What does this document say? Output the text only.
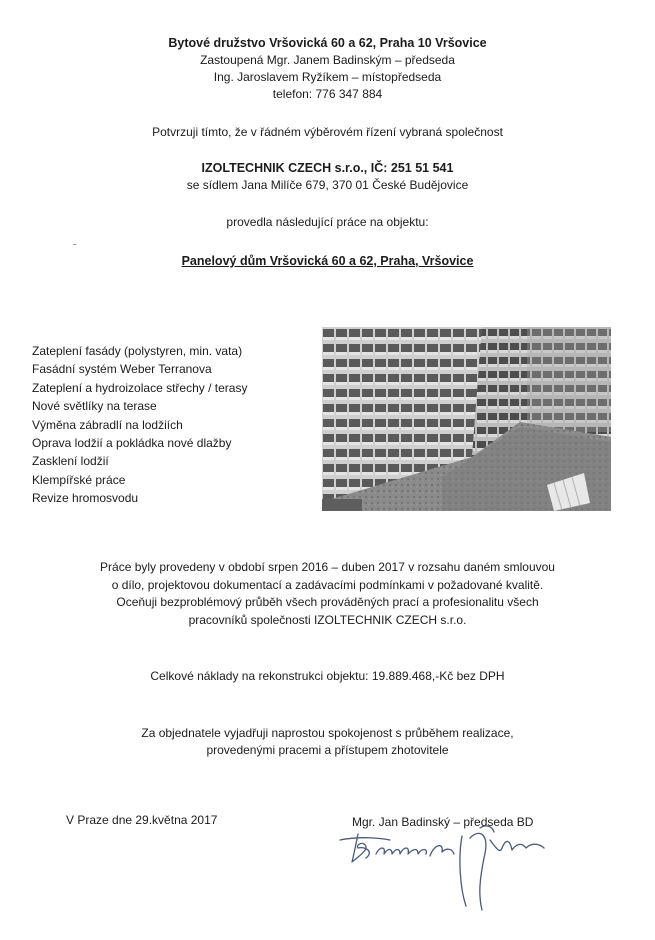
Bytové družstvo Vršovická 60 a 62, Praha 10 Vršovice
Zastoupená Mgr. Janem Badinským – předseda
Ing. Jaroslavem Ryžíkem – místopředseda
telefon: 776 347 884
Potvrzuji tímto, že v řádném výběrovém řízení vybraná společnost
IZOLTECHNIK CZECH s.r.o., IČ: 251 51 541
se sídlem Jana Milíče 679, 370 01 České Budějovice
provedla následující práce na objektu:
Panelový dům Vršovická 60 a 62, Praha, Vršovice
Zateplení fasády (polystyren, min. vata)
Fasádní systém Weber Terranova
Zateplení a hydroizolace střechy / terasy
Nové světlíky na terase
Výměna zábradlí na lodžiích
Oprava lodžií a pokládka nové dlažby
Zasklení lodžií
Klempířské práce
Revize hromosvodu
Práce byly provedeny v období srpen 2016 – duben 2017 v rozsahu daném smlouvou
o dílo, projektovou dokumentací a zadávacími podmínkami v požadované kvalitě.
Oceňuji bezproblémový průběh všech prováděných prací a profesionalitu všech
pracovníků společnosti IZOLTECHNIK CZECH s.r.o.
Celkové náklady na rekonstrukci objektu: 19.889.468,-Kč bez DPH
Za objednatele vyjadřuji naprostou spokojenost s průběhem realizace,
provedenými pracemi a přístupem zhotovitele
V Praze dne 29.května 2017	Mgr. Jan Badinský – předseda BD
